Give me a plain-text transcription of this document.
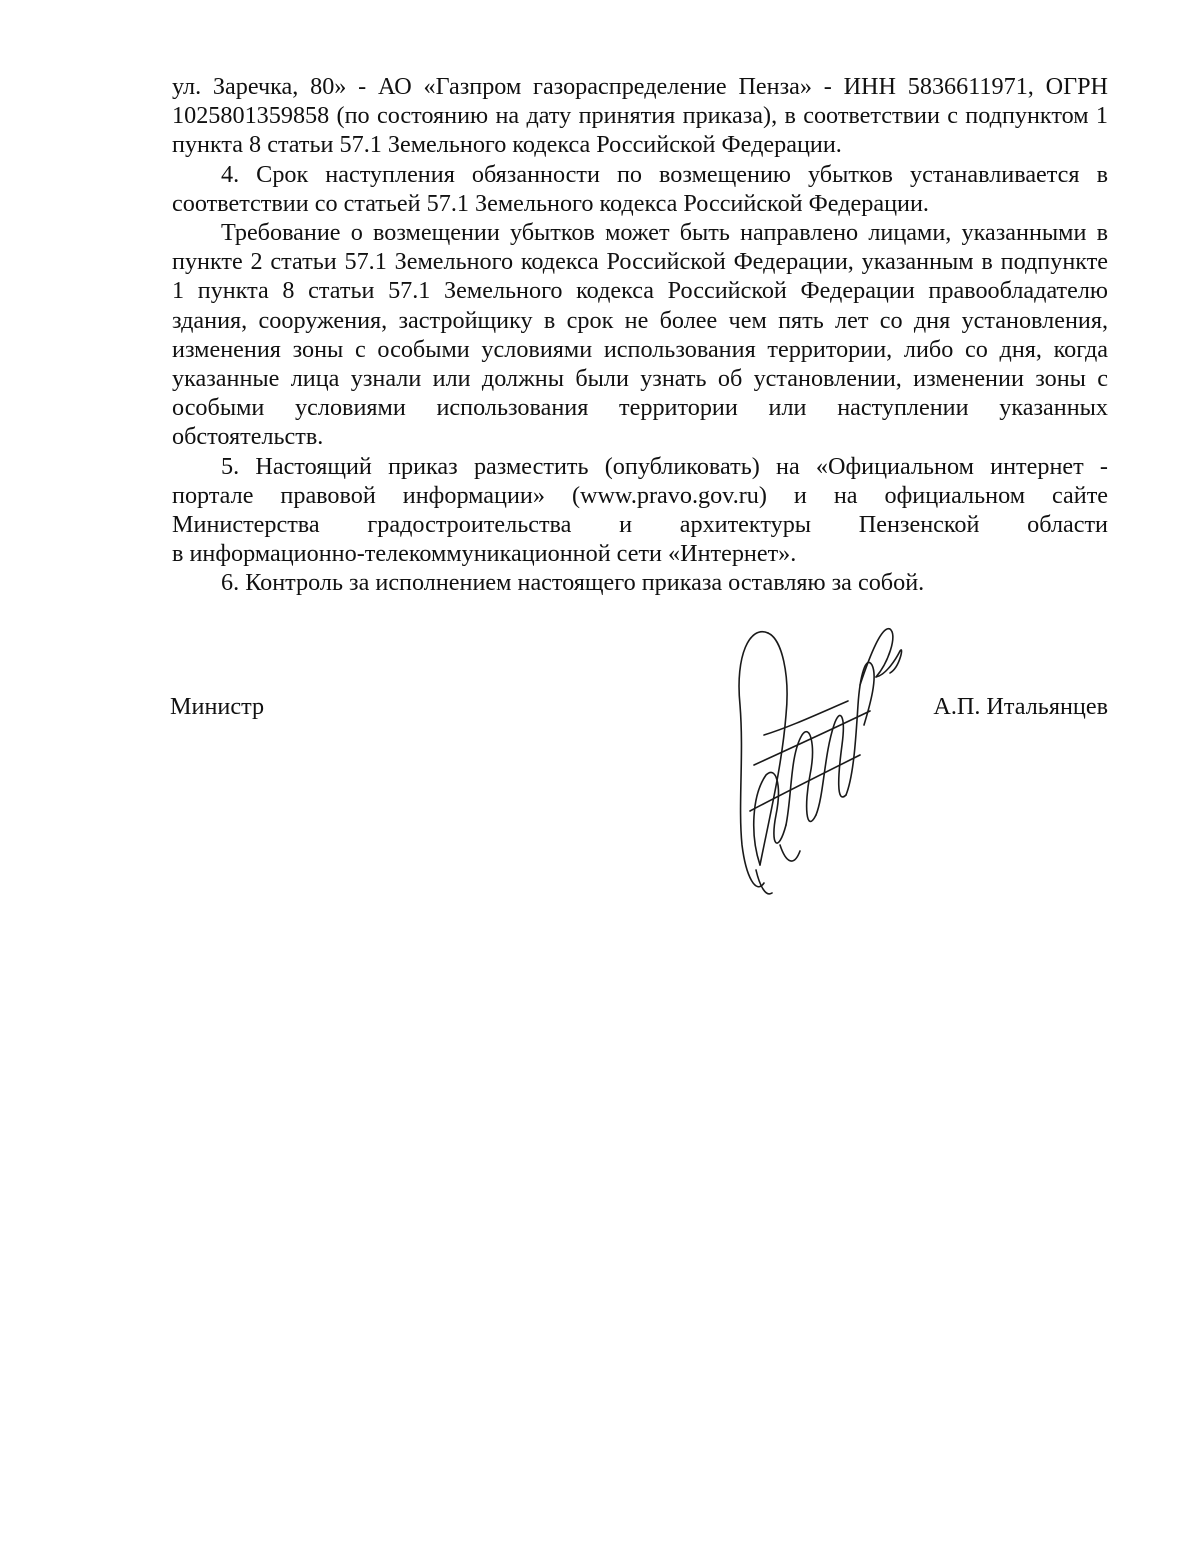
ул. Заречка, 80» - АО «Газпром газораспределение Пенза» - ИНН 5836611971, ОГРН 1025801359858 (по состоянию на дату принятия приказа), в соответствии с подпунктом 1 пункта 8 статьи 57.1 Земельного кодекса Российской Федерации.

4. Срок наступления обязанности по возмещению убытков устанавливается в соответствии со статьей 57.1 Земельного кодекса Российской Федерации.

Требование о возмещении убытков может быть направлено лицами, указанными в пункте 2 статьи 57.1 Земельного кодекса Российской Федерации, указанным в подпункте 1 пункта 8 статьи 57.1 Земельного кодекса Российской Федерации правообладателю здания, сооружения, застройщику в срок не более чем пять лет со дня установления, изменения зоны с особыми условиями использования территории, либо со дня, когда указанные лица узнали или должны были узнать об установлении, изменении зоны с особыми условиями использования территории или наступлении указанных обстоятельств.

5. Настоящий приказ разместить (опубликовать) на «Официальном интернет - портале правовой информации» (www.pravo.gov.ru) и на официальном сайте Министерства градостроительства и архитектуры Пензенской области

в информационно-телекоммуникационной сети «Интернет».

6. Контроль за исполнением настоящего приказа оставляю за собой.

Министр	А.П. Итальянцев
